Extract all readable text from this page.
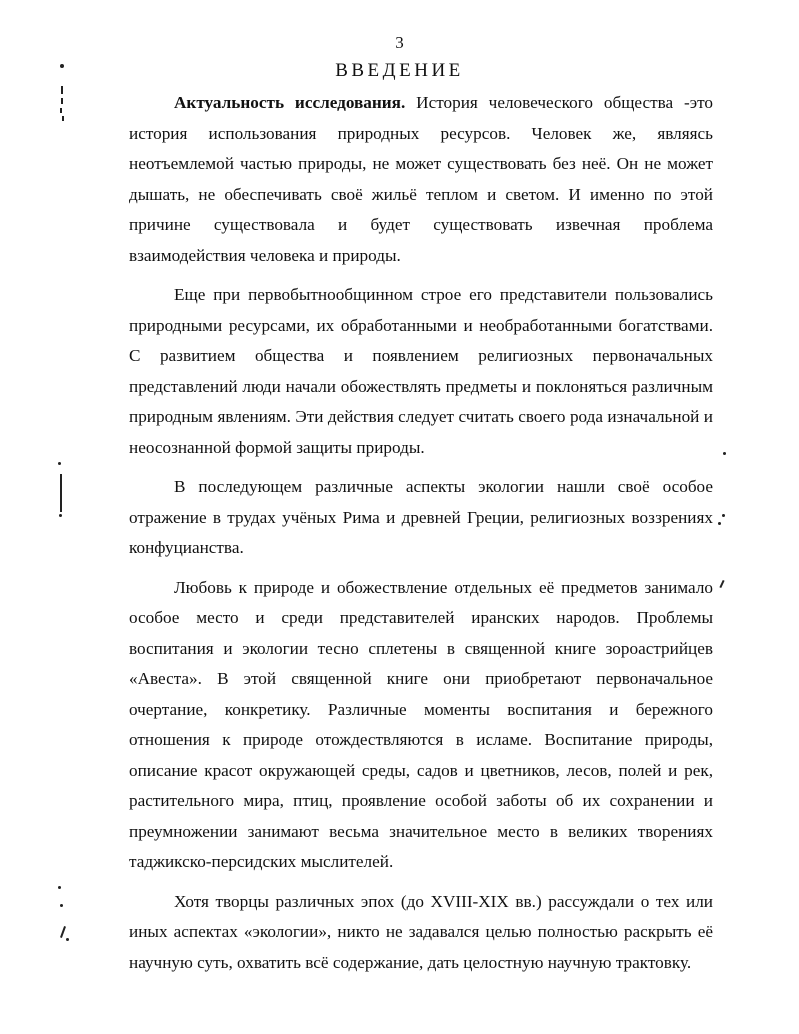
3
ВВЕДЕНИЕ

Актуальность исследования. История человеческого общества -это история использования природных ресурсов. Человек же, являясь неотъемлемой частью природы, не может существовать без неё. Он не может дышать, не обеспечивать своё жильё теплом и светом. И именно по этой причине существовала и будет существовать извечная проблема взаимодействия человека и природы.

Еще при первобытнообщинном строе его представители пользовались природными ресурсами, их обработанными и необработанными богатствами. С развитием общества и появлением религиозных первоначальных представлений люди начали обожествлять предметы и поклоняться различным природным явлениям. Эти действия следует считать своего рода изначальной и неосознанной формой защиты природы.

В последующем различные аспекты экологии нашли своё особое отражение в трудах учёных Рима и древней Греции, религиозных воззрениях конфуцианства.

Любовь к природе и обожествление отдельных её предметов занимало особое место и среди представителей иранских народов. Проблемы воспитания и экологии тесно сплетены в священной книге зороастрийцев «Авеста». В этой священной книге они приобретают первоначальное очертание, конкретику. Различные моменты воспитания и бережного отношения к природе отождествляются в исламе. Воспитание природы, описание красот окружающей среды, садов и цветников, лесов, полей и рек, растительного мира, птиц, проявление особой заботы об их сохранении и преумножении занимают весьма значительное место в великих творениях таджикско-персидских мыслителей.

Хотя творцы различных эпох (до XVIII-XIX вв.) рассуждали о тех или иных аспектах «экологии», никто не задавался целью полностью раскрыть её научную суть, охватить всё содержание, дать целостную научную трактовку.
